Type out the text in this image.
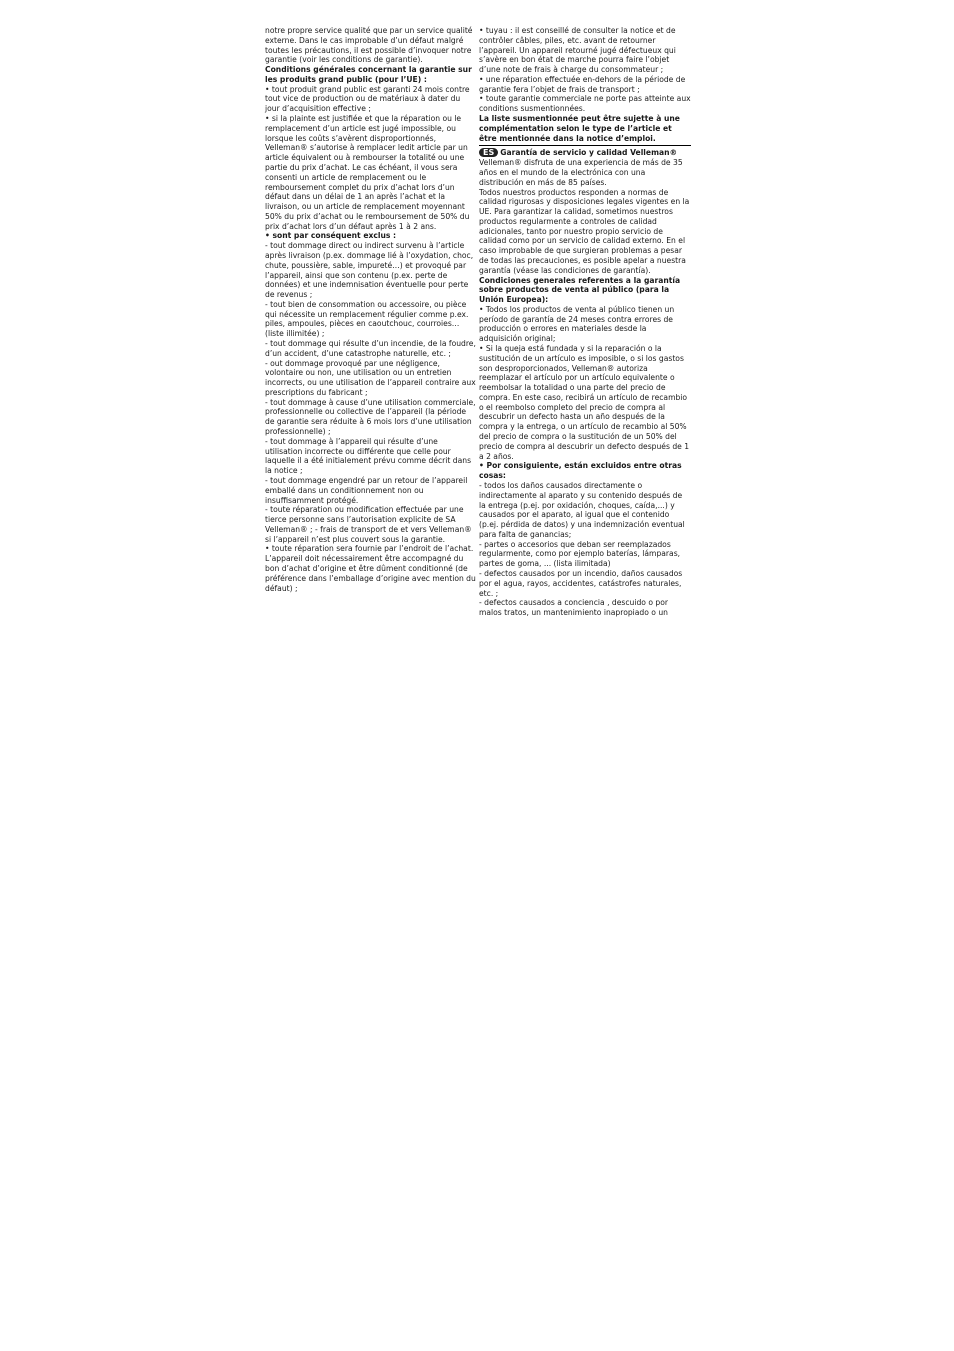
notre propre service qualité que par un service qualité externe. Dans le cas improbable d’un défaut malgré toutes les précautions, il est possible d’invoquer notre garantie (voir les conditions de garantie).

Conditions générales concernant la garantie sur les produits grand public (pour l’UE) :

• tout produit grand public est garanti 24 mois contre tout vice de production ou de matériaux à dater du jour d’acquisition effective ;

• si la plainte est justifiée et que la réparation ou le remplacement d’un article est jugé impossible, ou lorsque les coûts s’avèrent disproportionnés, Velleman® s’autorise à remplacer ledit article par un article équivalent ou à rembourser la totalité ou une partie du prix d’achat. Le cas échéant, il vous sera consenti un article de remplacement ou le remboursement complet du prix d’achat lors d’un défaut dans un délai de 1 an après l’achat et la livraison, ou un article de remplacement moyennant 50% du prix d’achat ou le remboursement de 50% du prix d’achat lors d’un défaut après 1 à 2 ans.

• sont par conséquent exclus :

- tout dommage direct ou indirect survenu à l’article après livraison (p.ex. dommage lié à l’oxydation, choc, chute, poussière, sable, impureté…) et provoqué par l’appareil, ainsi que son contenu (p.ex. perte de données) et une indemnisation éventuelle pour perte de revenus ;

- tout bien de consommation ou accessoire, ou pièce qui nécessite un remplacement régulier comme p.ex. piles, ampoules, pièces en caoutchouc, courroies… (liste illimitée) ;

- tout dommage qui résulte d’un incendie, de la foudre, d’un accident, d’une catastrophe naturelle, etc. ;

- out dommage provoqué par une négligence, volontaire ou non, une utilisation ou un entretien incorrects, ou une utilisation de l’appareil contraire aux prescriptions du fabricant ;

- tout dommage à cause d’une utilisation commerciale, professionnelle ou collective de l’appareil (la période de garantie sera réduite à 6 mois lors d’une utilisation professionnelle) ;

- tout dommage à l’appareil qui résulte d’une utilisation incorrecte ou différente que celle pour laquelle il a été initialement prévu comme décrit dans la notice ;

- tout dommage engendré par un retour de l’appareil emballé dans un conditionnement non ou insuffisamment protégé.

- toute réparation ou modification effectuée par une tierce personne sans l’autorisation explicite de SA Velleman® ; - frais de transport de et vers Velleman® si l’appareil n’est plus couvert sous la garantie.

• toute réparation sera fournie par l’endroit de l’achat. L’appareil doit nécessairement être accompagné du bon d’achat d’origine et être dûment conditionné (de préférence dans l’emballage d’origine avec mention du défaut) ;

• tuyau : il est conseillé de consulter la notice et de contrôler câbles, piles, etc. avant de retourner l’appareil. Un appareil retourné jugé défectueux qui s’avère en bon état de marche pourra faire l’objet d’une note de frais à charge du consommateur ;

• une réparation effectuée en-dehors de la période de garantie fera l’objet de frais de transport ;

• toute garantie commerciale ne porte pas atteinte aux conditions susmentionnées.

La liste susmentionnée peut être sujette à une complémentation selon le type de l’article et être mentionnée dans la notice d’emploi.

ES Garantía de servicio y calidad Velleman®

Velleman® disfruta de una experiencia de más de 35 años en el mundo de la electrónica con una distribución en más de 85 países.

Todos nuestros productos responden a normas de calidad rigurosas y disposiciones legales vigentes en la UE. Para garantizar la calidad, sometimos nuestros productos regularmente a controles de calidad adicionales, tanto por nuestro propio servicio de calidad como por un servicio de calidad externo. En el caso improbable de que surgieran problemas a pesar de todas las precauciones, es posible apelar a nuestra garantía (véase las condiciones de garantía).

Condiciones generales referentes a la garantía sobre productos de venta al público (para la Unión Europea):

• Todos los productos de venta al público tienen un período de garantía de 24 meses contra errores de producción o errores en materiales desde la adquisición original;

• Si la queja está fundada y si la reparación o la sustitución de un artículo es imposible, o si los gastos son desproporcionados, Velleman® autoriza reemplazar el artículo por un artículo equivalente o reembolsar la totalidad o una parte del precio de compra. En este caso, recibirá un artículo de recambio o el reembolso completo del precio de compra al descubrir un defecto hasta un año después de la compra y la entrega, o un artículo de recambio al 50% del precio de compra o la sustitución de un 50% del precio de compra al descubrir un defecto después de 1 a 2 años.

• Por consiguiente, están excluidos entre otras cosas:

- todos los daños causados directamente o indirectamente al aparato y su contenido después de la entrega (p.ej. por oxidación, choques, caída,...) y causados por el aparato, al igual que el contenido (p.ej. pérdida de datos) y una indemnización eventual para falta de ganancias;

- partes o accesorios que deban ser reemplazados regularmente, como por ejemplo baterías, lámparas, partes de goma, ... (lista ilimitada)

- defectos causados por un incendio, daños causados por el agua, rayos, accidentes, catástrofes naturales, etc. ;

- defectos causados a conciencia , descuido o por malos tratos, un mantenimiento inapropiado o un
